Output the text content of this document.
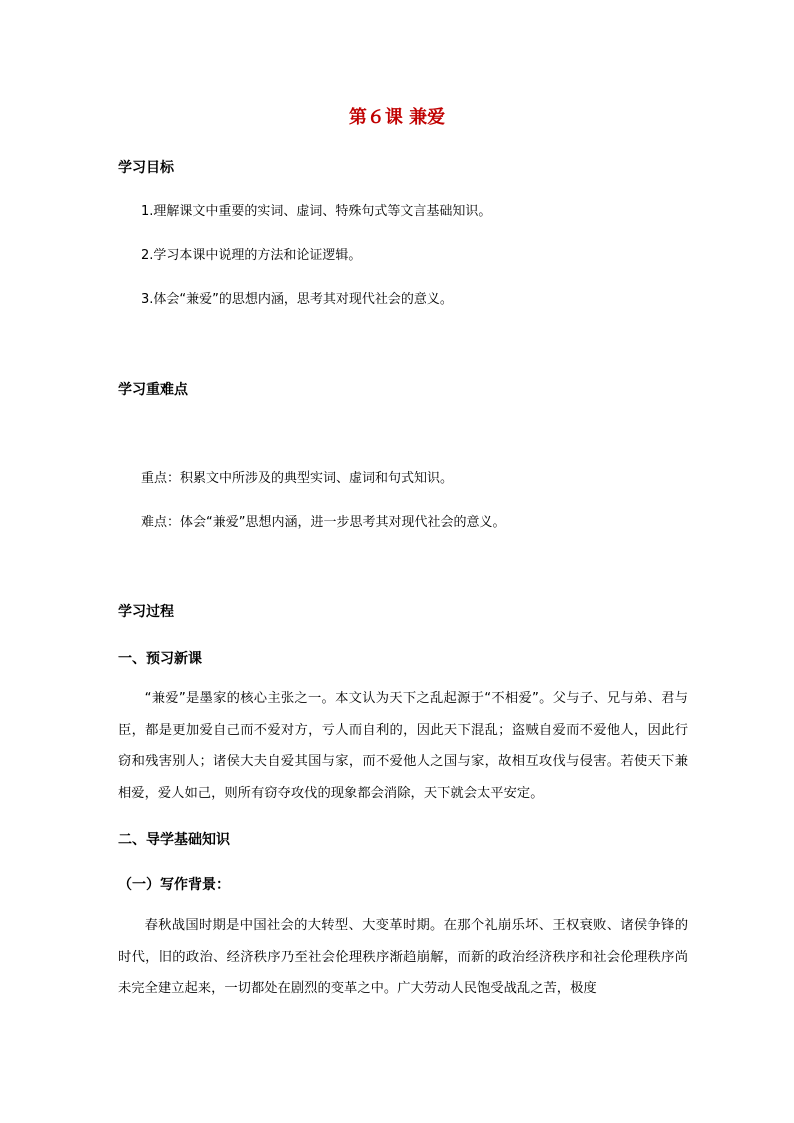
第６课 兼爱
学习目标
1.理解课文中重要的实词、虚词、特殊句式等文言基础知识。
2.学习本课中说理的方法和论证逻辑。
3.体会“兼爱”的思想内涵，思考其对现代社会的意义。
学习重难点
重点：积累文中所涉及的典型实词、虚词和句式知识。
难点：体会“兼爱”思想内涵，进一步思考其对现代社会的意义。
学习过程
一、预习新课
“兼爱”是墨家的核心主张之一。本文认为天下之乱起源于“不相爱”。父与子、兄与弟、君与臣，都是更加爱自己而不爱对方，亏人而自利的，因此天下混乱；盗贼自爱而不爱他人，因此行窃和残害别人；诸侯大夫自爱其国与家，而不爱他人之国与家，故相互攻伐与侵害。若使天下兼相爱，爱人如己，则所有窃夺攻伐的现象都会消除，天下就会太平安定。
二、导学基础知识
（一）写作背景：
春秋战国时期是中国社会的大转型、大变革时期。在那个礼崩乐坏、王权衰败、诸侯争锋的时代，旧的政治、经济秩序乃至社会伦理秩序渐趋崩解，而新的政治经济秩序和社会伦理秩序尚未完全建立起来，一切都处在剧烈的变革之中。广大劳动人民饱受战乱之苦，极度
